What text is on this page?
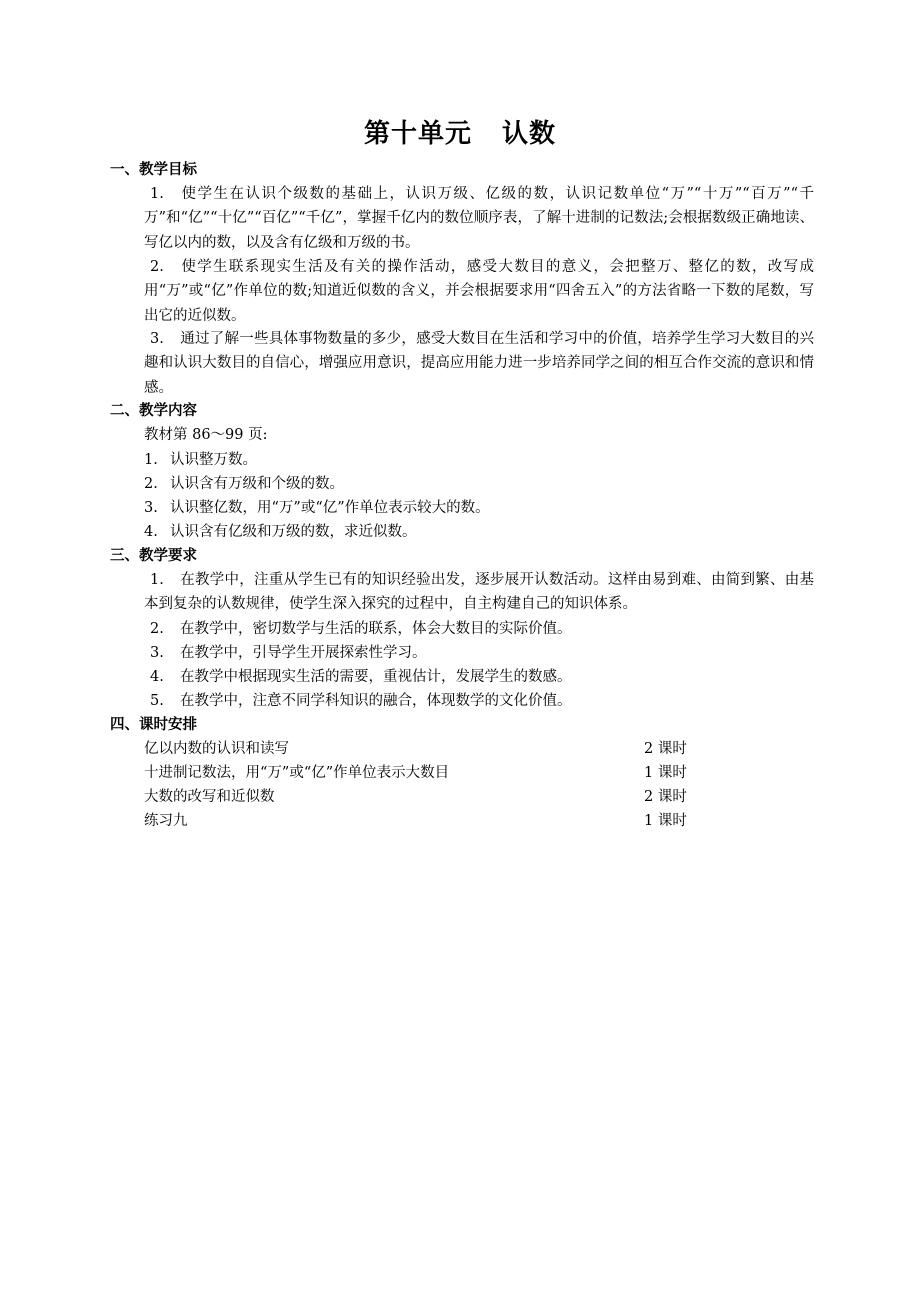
第十单元 认数
一、教学目标
1. 使学生在认识个级数的基础上，认识万级、亿级的数，认识记数单位“万”“十万”“百万”“千万”和“亿”“十亿”“百亿”“千亿”，掌握千亿内的数位顺序表，了解十进制的记数法;会根据数级正确地读、写亿以内的数，以及含有亿级和万级的书。
2. 使学生联系现实生活及有关的操作活动，感受大数目的意义，会把整万、整亿的数，改写成用“万”或“亿”作单位的数;知道近似数的含义，并会根据要求用“四舍五入”的方法省略一下数的尾数，写出它的近似数。
3. 通过了解一些具体事物数量的多少，感受大数目在生活和学习中的价值，培养学生学习大数目的兴趣和认识大数目的自信心，增强应用意识，提高应用能力进一步培养同学之间的相互合作交流的意识和情感。
二、教学内容
教材第 86～99 页:
1. 认识整万数。
2. 认识含有万级和个级的数。
3. 认识整亿数，用“万”或“亿”作单位表示较大的数。
4. 认识含有亿级和万级的数，求近似数。
三、教学要求
1. 在教学中，注重从学生已有的知识经验出发，逐步展开认数活动。这样由易到难、由简到繁、由基本到复杂的认数规律，使学生深入探究的过程中，自主构建自己的知识体系。
2. 在教学中，密切数学与生活的联系，体会大数目的实际价值。
3. 在教学中，引导学生开展探索性学习。
4. 在教学中根据现实生活的需要，重视估计，发展学生的数感。
5. 在教学中，注意不同学科知识的融合，体现数学的文化价值。
四、课时安排
亿以内数的认识和读写	2 课时
十进制记数法，用“万”或“亿”作单位表示大数目	1 课时
大数的改写和近似数	2 课时
练习九	1 课时
